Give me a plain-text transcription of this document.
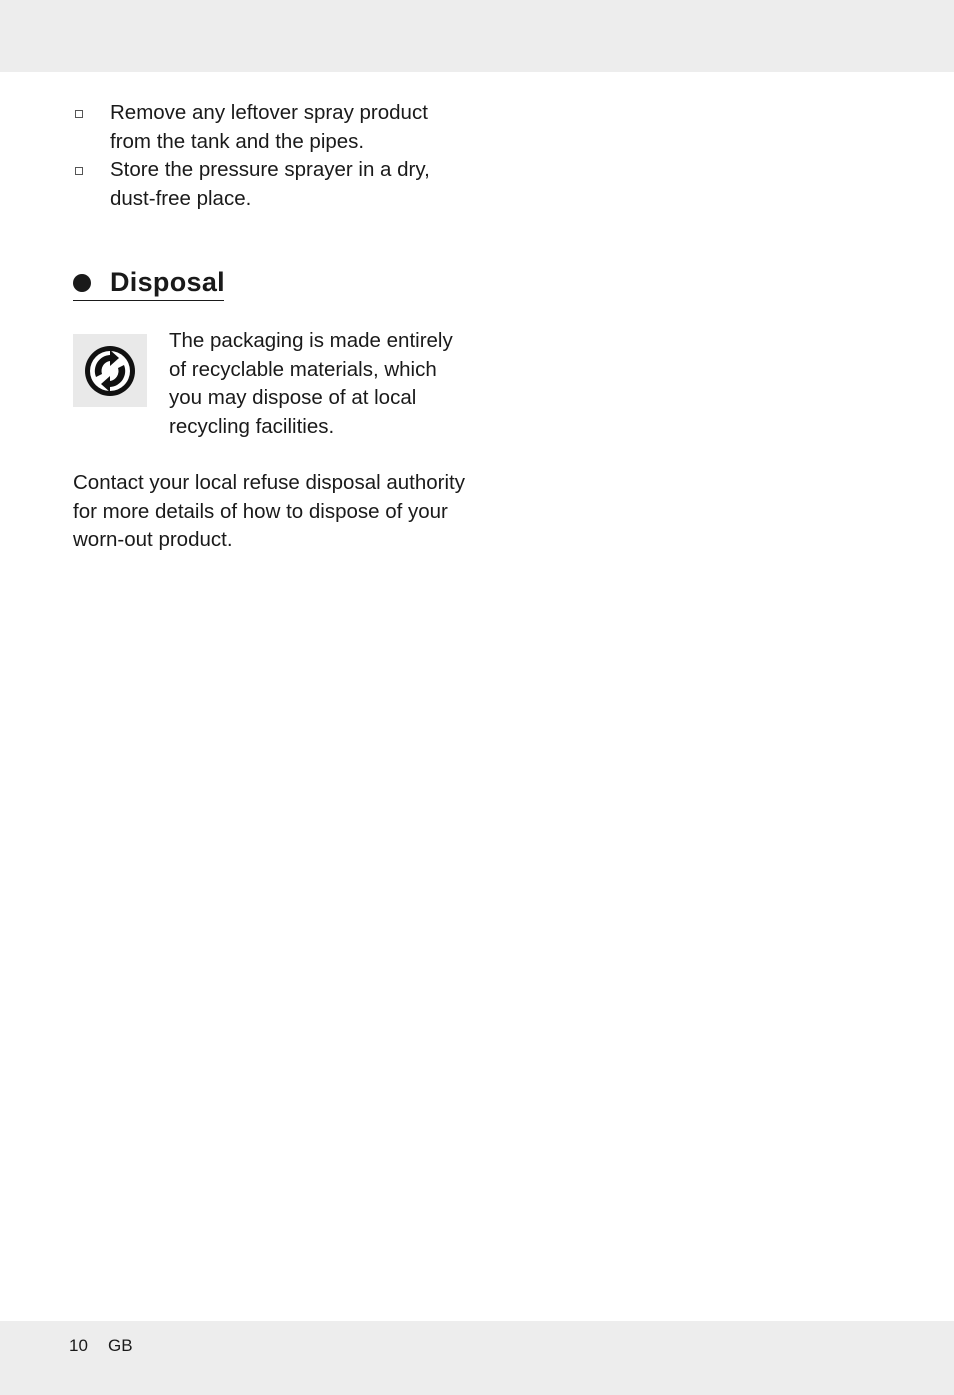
Remove any leftover spray product from the tank and the pipes.
Store the pressure sprayer in a dry, dust-free place.
Disposal

The packaging is made entirely of recyclable materials, which you may dispose of at local recycling facilities.

Contact your local refuse disposal authority for more details of how to dispose of your worn-out product.

10 GB
